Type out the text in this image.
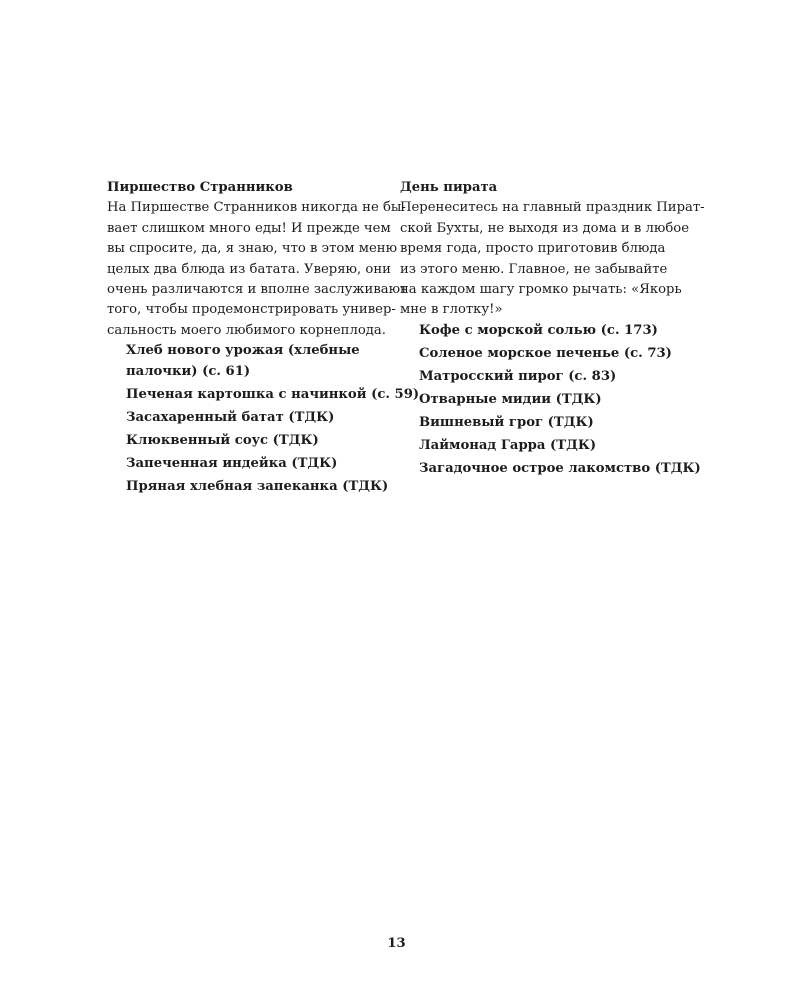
Пиршество Странников

На Пиршестве Странников никогда не бы-
вает слишком много еды! И прежде чем
вы спросите, да, я знаю, что в этом меню
целых два блюда из батата. Уверяю, они
очень различаются и вполне заслуживают
того, чтобы продемонстрировать универ-
сальность моего любимого корнеплода.

Хлеб нового урожая (хлебные
палочки) (с. 61)
Печеная картошка с начинкой (с. 59)
Засахаренный батат (ТДК)
Клюквенный соус (ТДК)
Запеченная индейка (ТДК)
Пряная хлебная запеканка (ТДК)

День пирата

Перенеситесь на главный праздник Пират-
ской Бухты, не выходя из дома и в любое
время года, просто приготовив блюда
из этого меню. Главное, не забывайте
на каждом шагу громко рычать: «Якорь
мне в глотку!»

Кофе с морской солью (с. 173)
Соленое морское печенье (с. 73)
Матросский пирог (с. 83)
Отварные мидии (ТДК)
Вишневый грог (ТДК)
Лаймонад Гарра (ТДК)
Загадочное острое лакомство (ТДК)
13
